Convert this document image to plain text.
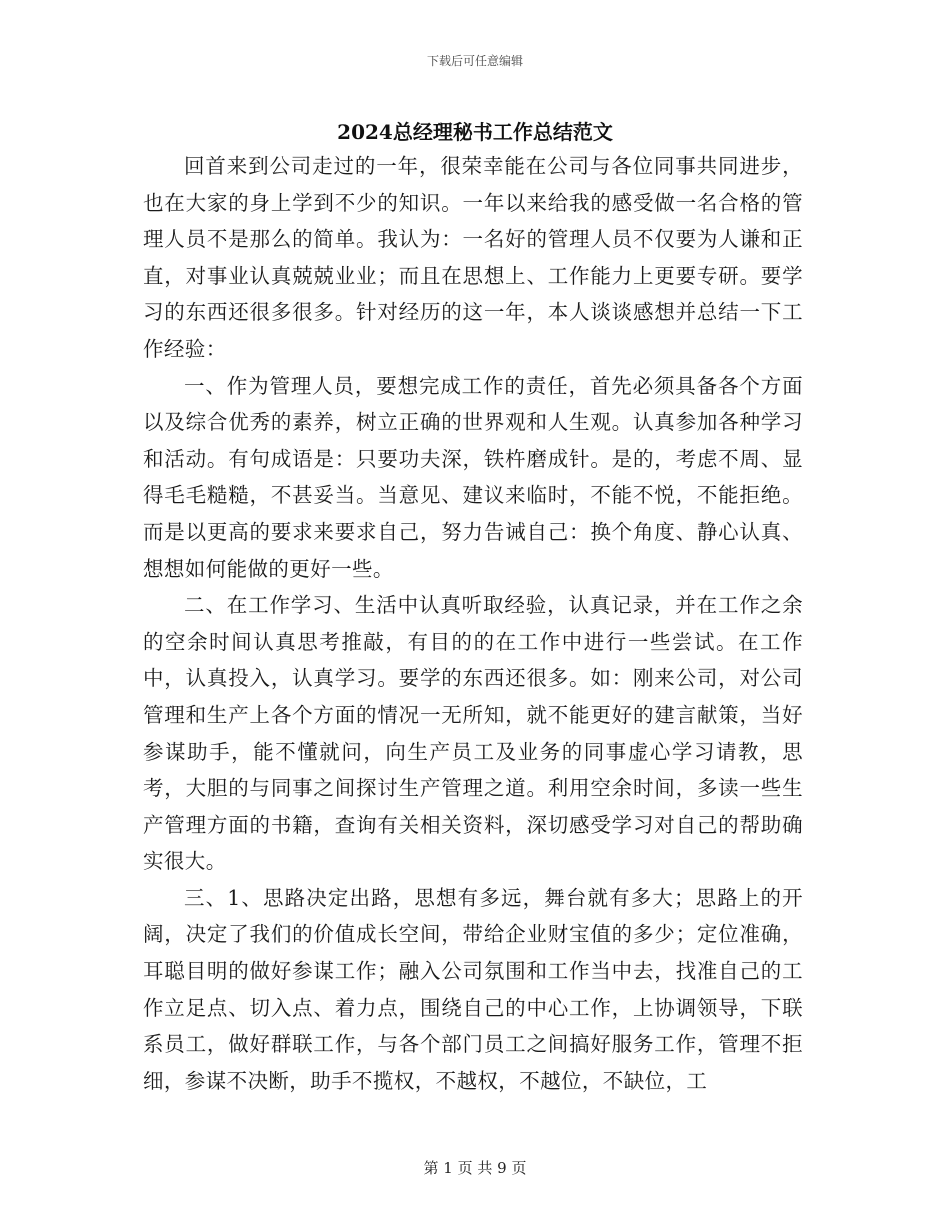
下载后可任意编辑
2024总经理秘书工作总结范文

回首来到公司走过的一年，很荣幸能在公司与各位同事共同进步，也在大家的身上学到不少的知识。一年以来给我的感受做一名合格的管理人员不是那么的简单。我认为：一名好的管理人员不仅要为人谦和正直，对事业认真兢兢业业；而且在思想上、工作能力上更要专研。要学习的东西还很多很多。针对经历的这一年，本人谈谈感想并总结一下工作经验：

一、作为管理人员，要想完成工作的责任，首先必须具备各个方面以及综合优秀的素养，树立正确的世界观和人生观。认真参加各种学习和活动。有句成语是：只要功夫深，铁杵磨成针。是的，考虑不周、显得毛毛糙糙，不甚妥当。当意见、建议来临时，不能不悦，不能拒绝。而是以更高的要求来要求自己，努力告诫自己：换个角度、静心认真、想想如何能做的更好一些。

二、在工作学习、生活中认真听取经验，认真记录，并在工作之余的空余时间认真思考推敲，有目的的在工作中进行一些尝试。在工作中，认真投入，认真学习。要学的东西还很多。如：刚来公司，对公司管理和生产上各个方面的情况一无所知，就不能更好的建言献策，当好参谋助手，能不懂就问，向生产员工及业务的同事虚心学习请教，思考，大胆的与同事之间探讨生产管理之道。利用空余时间，多读一些生产管理方面的书籍，查询有关相关资料，深切感受学习对自己的帮助确实很大。

三、1、思路决定出路，思想有多远，舞台就有多大；思路上的开阔，决定了我们的价值成长空间，带给企业财宝值的多少；定位准确，耳聪目明的做好参谋工作；融入公司氛围和工作当中去，找准自己的工作立足点、切入点、着力点，围绕自己的中心工作，上协调领导，下联系员工，做好群联工作，与各个部门员工之间搞好服务工作，管理不拒细，参谋不决断，助手不揽权，不越权，不越位，不缺位，工

第 1 页 共 9 页
